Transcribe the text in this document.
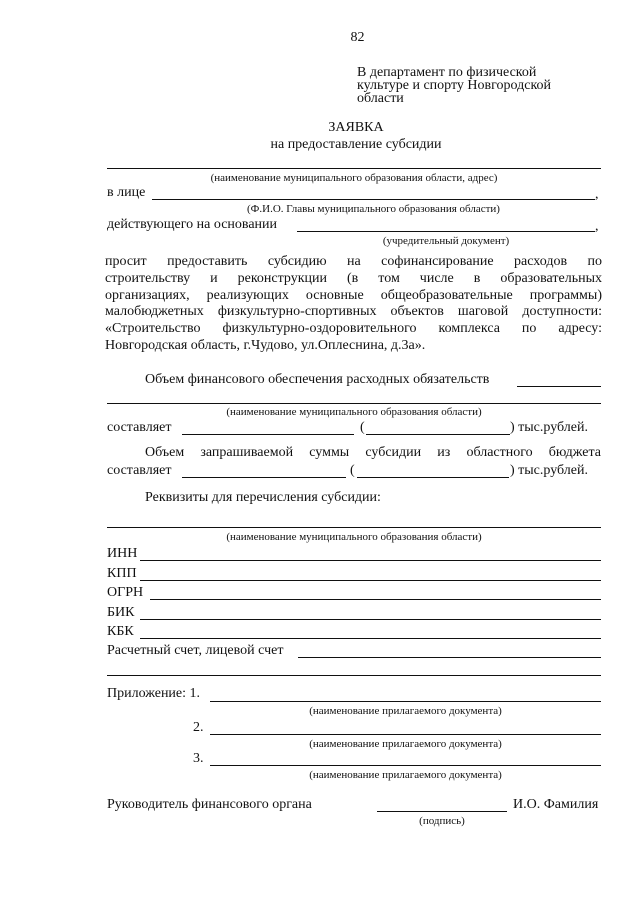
82
В департамент по физической
культуре и спорту Новгородской
области
ЗАЯВКА
на предоставление субсидии
(наименование муниципального образования области, адрес)
в лице	,
(Ф.И.О. Главы муниципального образования области)
действующего на основании	,
(учредительный документ)
просит предоставить субсидию на софинансирование расходов по
строительству и реконструкции (в том числе в образовательных
организациях, реализующих основные общеобразовательные программы)
малобюджетных физкультурно-спортивных объектов шаговой доступности:
«Строительство физкультурно-оздоровительного комплекса по адресу:
Новгородская область, г.Чудово, ул.Оплеснина, д.3а».
Объем финансового обеспечения расходных обязательств
(наименование муниципального образования области)
составляет	(	) тыс.рублей.
Объем запрашиваемой суммы субсидии из областного бюджета
составляет	(	) тыс.рублей.
Реквизиты для перечисления субсидии:
(наименование муниципального образования области)
ИНН
КПП
ОГРН
БИК
КБК
Расчетный счет, лицевой счет
Приложение: 1.
(наименование прилагаемого документа)
2.
(наименование прилагаемого документа)
3.
(наименование прилагаемого документа)
Руководитель финансового органа	И.О. Фамилия
(подпись)
